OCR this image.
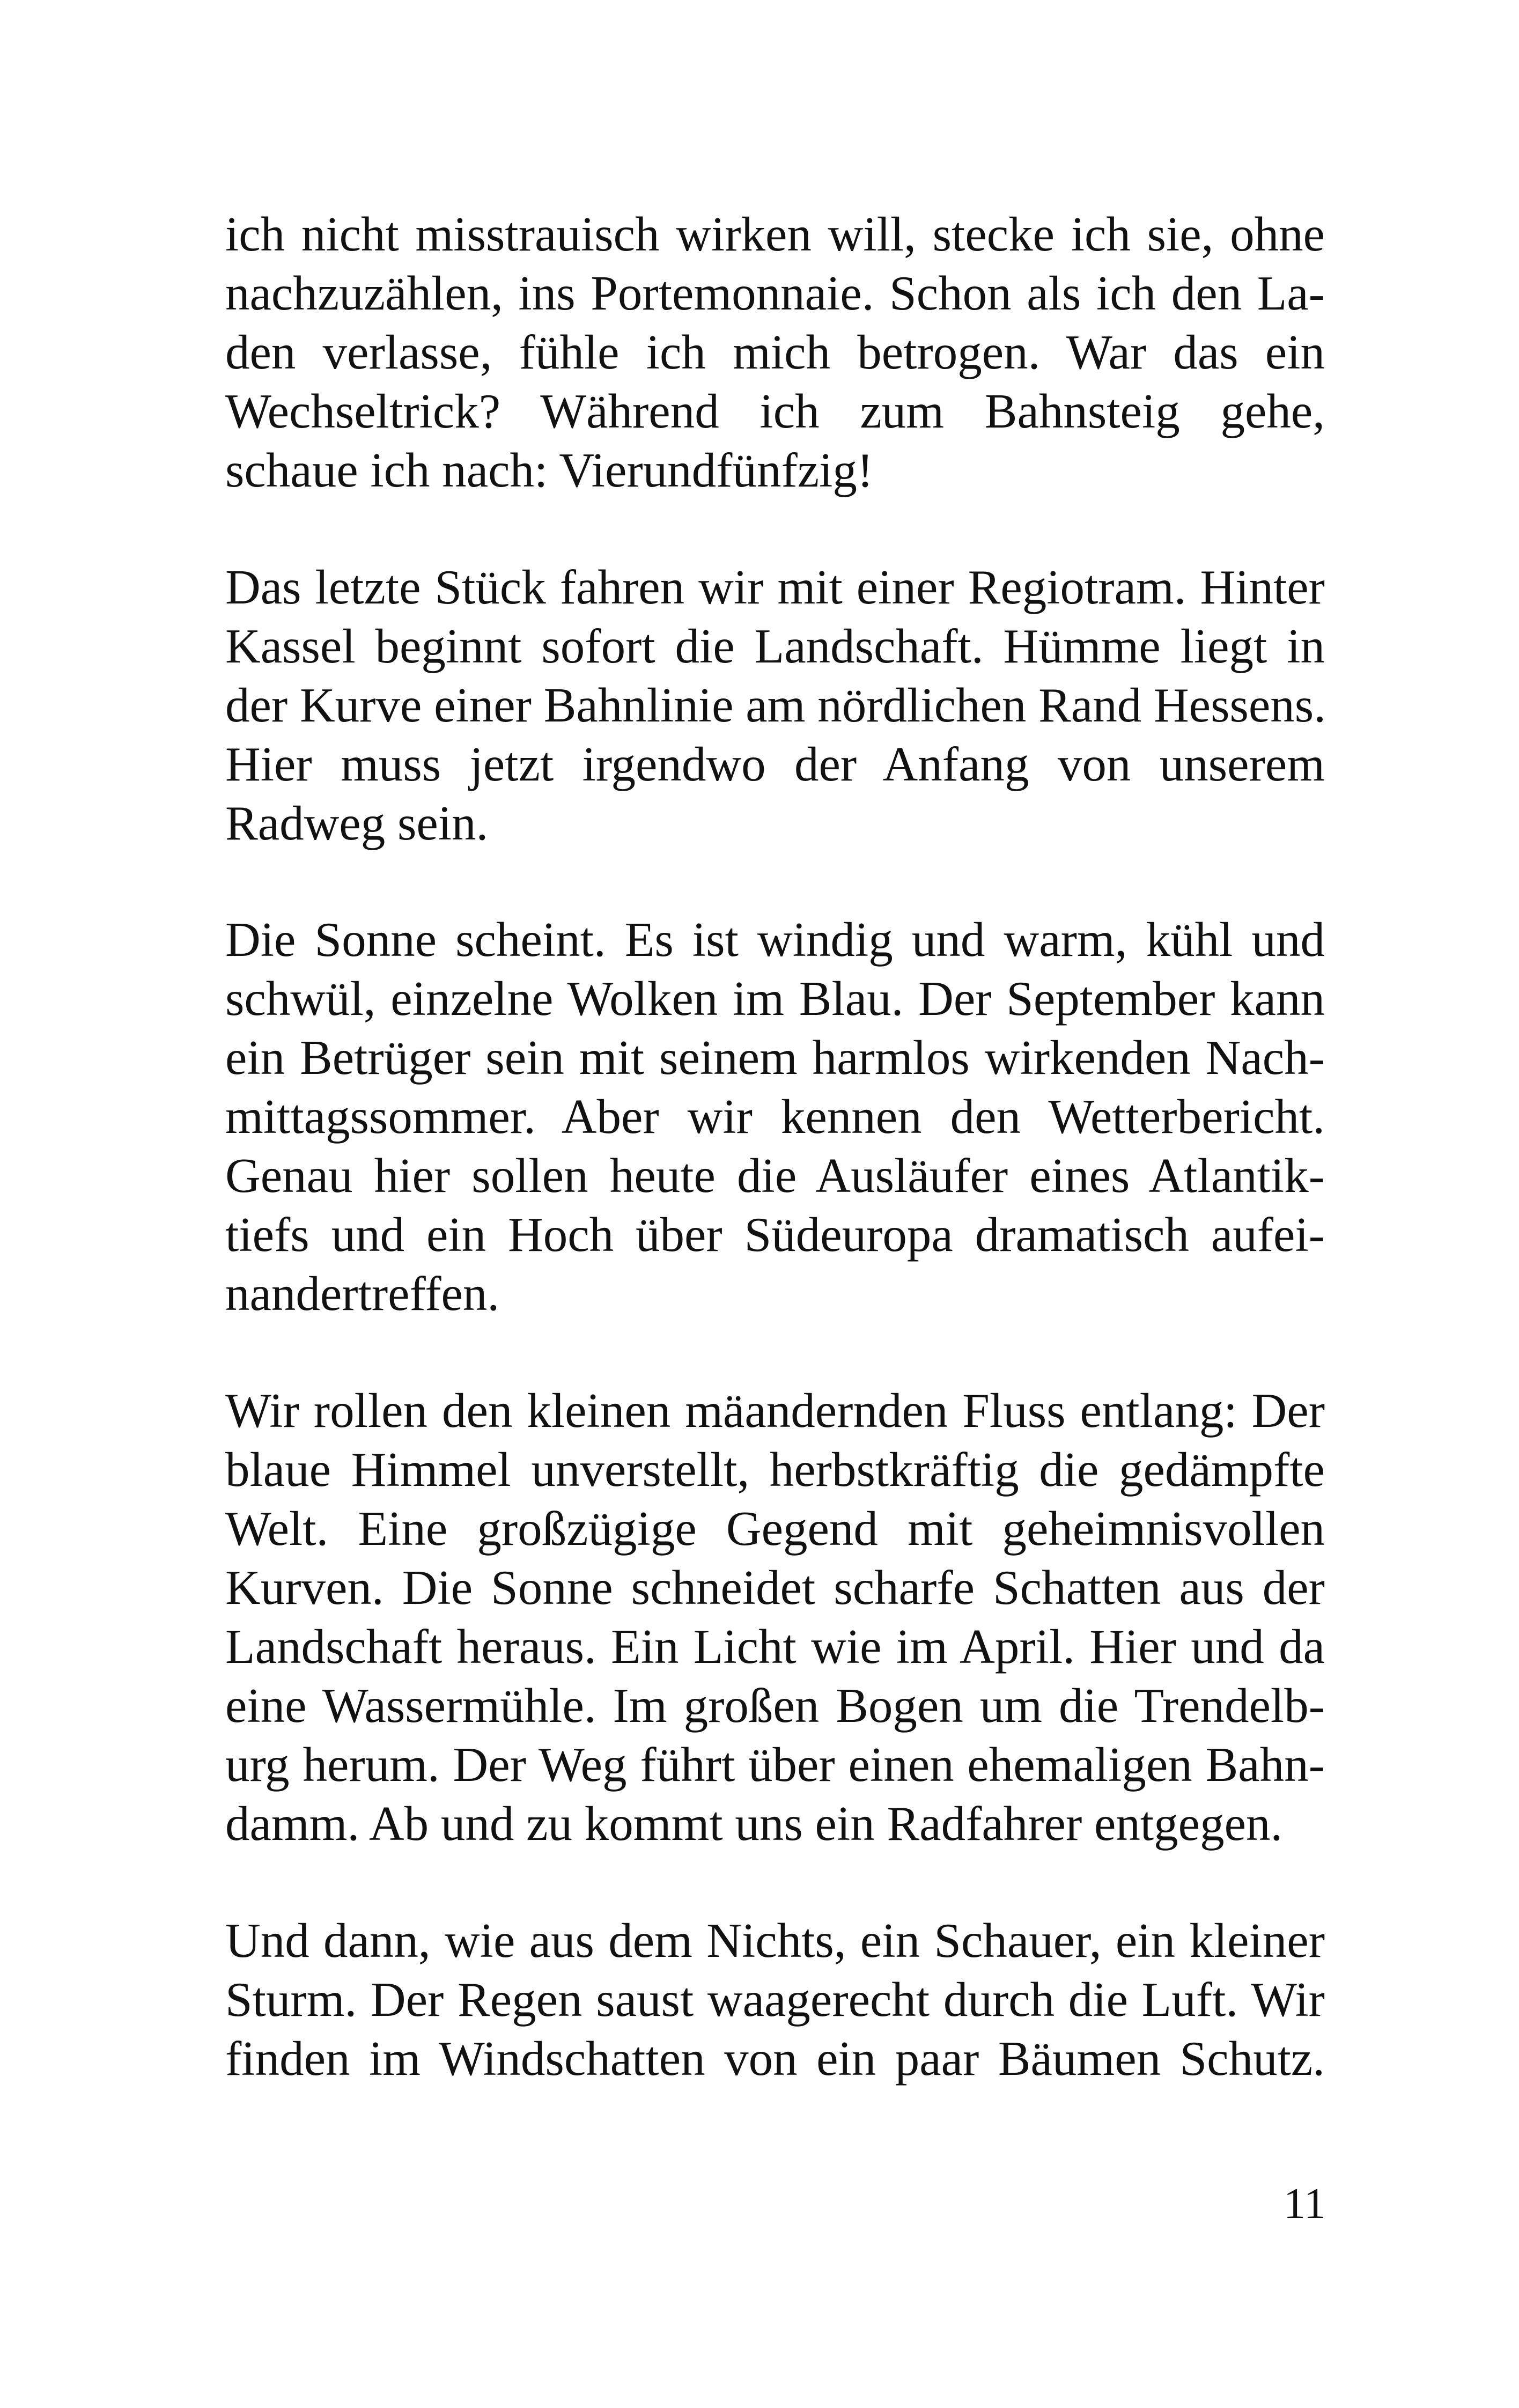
ich nicht misstrauisch wirken will, stecke ich sie, ohne
nachzuzählen, ins Portemonnaie. Schon als ich den La-
den verlasse, fühle ich mich betrogen. War das ein
Wechseltrick? Während ich zum Bahnsteig gehe,
schaue ich nach: Vierundfünfzig!
Das letzte Stück fahren wir mit einer Regiotram. Hinter
Kassel beginnt sofort die Landschaft. Hümme liegt in
der Kurve einer Bahnlinie am nördlichen Rand Hessens.
Hier muss jetzt irgendwo der Anfang von unserem
Radweg sein.
Die Sonne scheint. Es ist windig und warm, kühl und
schwül, einzelne Wolken im Blau. Der September kann
ein Betrüger sein mit seinem harmlos wirkenden Nach-
mittagssommer. Aber wir kennen den Wetterbericht.
Genau hier sollen heute die Ausläufer eines Atlantik-
tiefs und ein Hoch über Südeuropa dramatisch aufei-
nandertreffen.
Wir rollen den kleinen mäandernden Fluss entlang: Der
blaue Himmel unverstellt, herbstkräftig die gedämpfte
Welt. Eine großzügige Gegend mit geheimnisvollen
Kurven. Die Sonne schneidet scharfe Schatten aus der
Landschaft heraus. Ein Licht wie im April. Hier und da
eine Wassermühle. Im großen Bogen um die Trendelb-
urg herum. Der Weg führt über einen ehemaligen Bahn-
damm. Ab und zu kommt uns ein Radfahrer entgegen.
Und dann, wie aus dem Nichts, ein Schauer, ein kleiner
Sturm. Der Regen saust waagerecht durch die Luft. Wir
finden im Windschatten von ein paar Bäumen Schutz.
11
